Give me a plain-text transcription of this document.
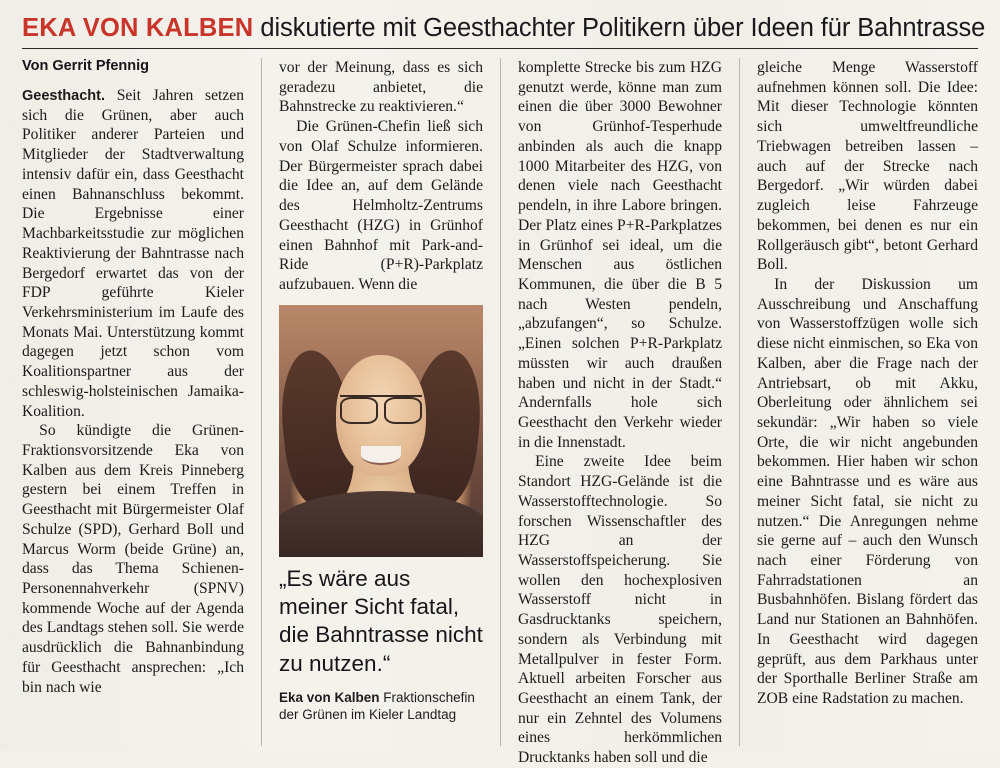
EKA VON KALBEN diskutierte mit Geesthachter Politikern über Ideen für Bahntrasse
Von Gerrit Pfennig

Geesthacht. Seit Jahren setzen sich die Grünen, aber auch Politiker anderer Parteien und Mitglieder der Stadtverwaltung intensiv dafür ein, dass Geesthacht einen Bahnanschluss bekommt. Die Ergebnisse einer Machbarkeitsstudie zur möglichen Reaktivierung der Bahntrasse nach Bergedorf erwartet das von der FDP geführte Kieler Verkehrsministerium im Laufe des Monats Mai. Unterstützung kommt dagegen jetzt schon vom Koalitionspartner aus der schleswig-holsteinischen Jamaika-Koalition.

So kündigte die Grünen-Fraktionsvorsitzende Eka von Kalben aus dem Kreis Pinneberg gestern bei einem Treffen in Geesthacht mit Bürgermeister Olaf Schulze (SPD), Gerhard Boll und Marcus Worm (beide Grüne) an, dass das Thema Schienen-Personennahverkehr (SPNV) kommende Woche auf der Agenda des Landtags stehen soll. Sie werde ausdrücklich die Bahnanbindung für Geesthacht ansprechen: „Ich bin nach wie

vor der Meinung, dass es sich geradezu anbietet, die Bahnstrecke zu reaktivieren.“

Die Grünen-Chefin ließ sich von Olaf Schulze informieren. Der Bürgermeister sprach dabei die Idee an, auf dem Gelände des Helmholtz-Zentrums Geesthacht (HZG) in Grünhof einen Bahnhof mit Park-and-Ride (P+R)-Parkplatz aufzubauen. Wenn die

„Es wäre aus meiner Sicht fatal, die Bahntrasse nicht zu nutzen.“
Eka von Kalben Fraktionschefin der Grünen im Kieler Landtag

komplette Strecke bis zum HZG genutzt werde, könne man zum einen die über 3000 Bewohner von Grünhof-Tesperhude anbinden als auch die knapp 1000 Mitarbeiter des HZG, von denen viele nach Geesthacht pendeln, in ihre Labore bringen. Der Platz eines P+R-Parkplatzes in Grünhof sei ideal, um die Menschen aus östlichen Kommunen, die über die B 5 nach Westen pendeln, „abzufangen“, so Schulze. „Einen solchen P+R-Parkplatz müssten wir auch draußen haben und nicht in der Stadt.“ Andernfalls hole sich Geesthacht den Verkehr wieder in die Innenstadt.

Eine zweite Idee beim Standort HZG-Gelände ist die Wasserstofftechnologie. So forschen Wissenschaftler des HZG an der Wasserstoffspeicherung. Sie wollen den hochexplosiven Wasserstoff nicht in Gasdrucktanks speichern, sondern als Verbindung mit Metallpulver in fester Form. Aktuell arbeiten Forscher aus Geesthacht an einem Tank, der nur ein Zehntel des Volumens eines herkömmlichen Drucktanks haben soll und die

gleiche Menge Wasserstoff aufnehmen können soll. Die Idee: Mit dieser Technologie könnten sich umweltfreundliche Triebwagen betreiben lassen – auch auf der Strecke nach Bergedorf. „Wir würden dabei zugleich leise Fahrzeuge bekommen, bei denen es nur ein Rollgeräusch gibt“, betont Gerhard Boll.

In der Diskussion um Ausschreibung und Anschaffung von Wasserstoffzügen wolle sich diese nicht einmischen, so Eka von Kalben, aber die Frage nach der Antriebsart, ob mit Akku, Oberleitung oder ähnlichem sei sekundär: „Wir haben so viele Orte, die wir nicht angebunden bekommen. Hier haben wir schon eine Bahntrasse und es wäre aus meiner Sicht fatal, sie nicht zu nutzen.“ Die Anregungen nehme sie gerne auf – auch den Wunsch nach einer Förderung von Fahrradstationen an Busbahnhöfen. Bislang fördert das Land nur Stationen an Bahnhöfen. In Geesthacht wird dagegen geprüft, aus dem Parkhaus unter der Sporthalle Berliner Straße am ZOB eine Radstation zu machen.
